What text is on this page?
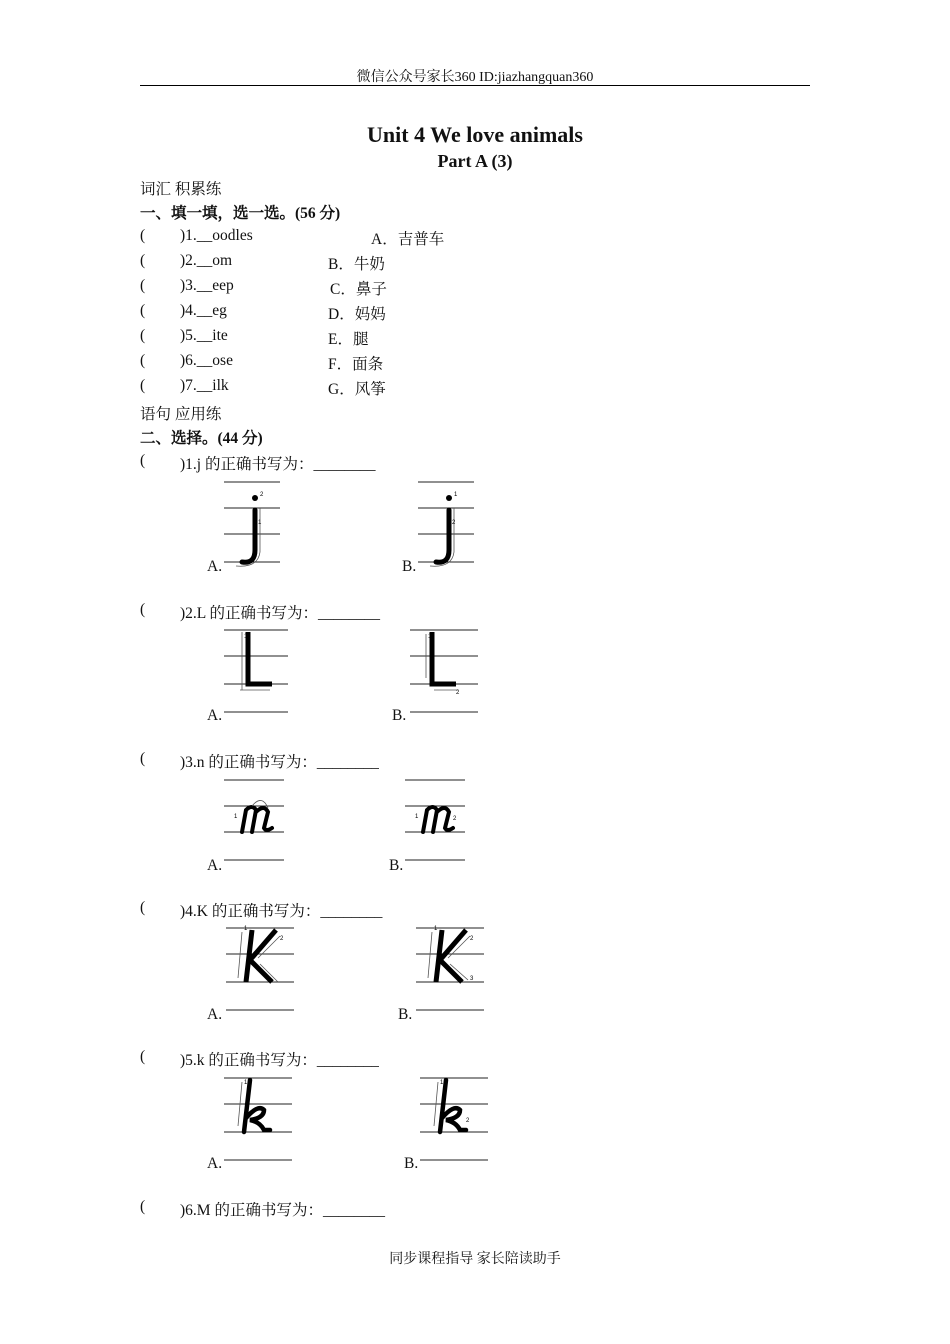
微信公众号家长360 ID:jiazhangquan360
Unit 4 We love animals
Part A (3)
词汇 积累练
一、填一填，选一选。(56 分)
( )1.__oodles	A．吉普车
( )2.__om	B．牛奶
( )3.__eep	C．鼻子
( )4.__eg	D．妈妈
( )5.__ite	E．腿
( )6.__ose	F．面条
( )7.__ilk	G．风筝
语句 应用练
二、选择。(44 分)
( )1.j 的正确书写为：________
2
1
A.
1
2
B.
( )2.L 的正确书写为：________
1
A.
1
2
B.
( )3.n 的正确书写为：________
1
A.
1	2
B.
( )4.K 的正确书写为：________
1
2
A.
1
2
3
B.
( )5.k 的正确书写为：________
1
A.
1
2
B.
( )6.M 的正确书写为：________
同步课程指导 家长陪读助手
